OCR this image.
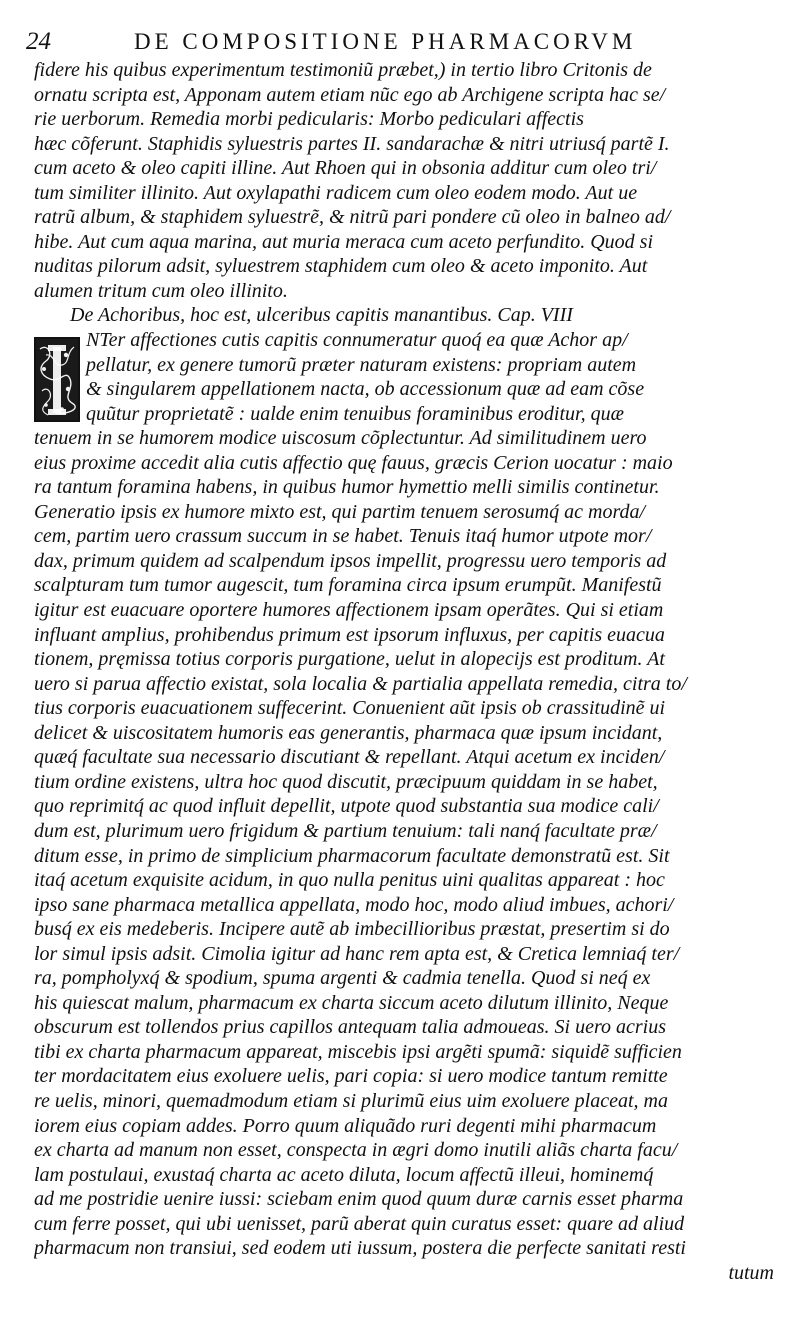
24	DE COMPOSITIONE PHARMACORVM
fidere his quibus experimentum testimoniũ præbet,) in tertio libro Critonis de
ornatu scripta est, Apponam autem etiam nũc ego ab Archigene scripta hac se/
rie uerborum. Remedia morbi pedicularis: Morbo pediculari affectis
hæc cõferunt. Staphidis syluestris partes II. sandarachæ & nitri utriusq́ partẽ I.
cum aceto & oleo capiti illine. Aut Rhoen qui in obsonia additur cum oleo tri/
tum similiter illinito. Aut oxylapathi radicem cum oleo eodem modo. Aut ue
ratrũ album, & staphidem syluestrẽ, & nitrũ pari pondere cũ oleo in balneo ad/
hibe. Aut cum aqua marina, aut muria meraca cum aceto perfundito. Quod si
nuditas pilorum adsit, syluestrem staphidem cum oleo & aceto imponito. Aut
alumen tritum cum oleo illinito.
De Achoribus, hoc est, ulceribus capitis manantibus. Cap. VIII
NTer affectiones cutis capitis connumeratur quoq́ ea quæ Achor ap/
pellatur, ex genere tumorũ præter naturam existens: propriam autem
& singularem appellationem nacta, ob accessionum quæ ad eam cõse
quũtur proprietatẽ : ualde enim tenuibus foraminibus eroditur, quæ
tenuem in se humorem modice uiscosum cõplectuntur. Ad similitudinem uero
eius proxime accedit alia cutis affectio quę fauus, græcis Cerion uocatur : maio
ra tantum foramina habens, in quibus humor hymettio melli similis continetur.
Generatio ipsis ex humore mixto est, qui partim tenuem serosumq́ ac morda/
cem, partim uero crassum succum in se habet. Tenuis itaq́ humor utpote mor/
dax, primum quidem ad scalpendum ipsos impellit, progressu uero temporis ad
scalpturam tum tumor augescit, tum foramina circa ipsum erumpũt. Manifestũ
igitur est euacuare oportere humores affectionem ipsam operãtes. Qui si etiam
influant amplius, prohibendus primum est ipsorum influxus, per capitis euacua
tionem, pręmissa totius corporis purgatione, uelut in alopecijs est proditum. At
uero si parua affectio existat, sola localia & partialia appellata remedia, citra to/
tius corporis euacuationem suffecerint. Conuenient aũt ipsis ob crassitudinẽ ui
delicet & uiscositatem humoris eas generantis, pharmaca quæ ipsum incidant,
quæq́ facultate sua necessario discutiant & repellant. Atqui acetum ex inciden/
tium ordine existens, ultra hoc quod discutit, præcipuum quiddam in se habet,
quo reprimitq́ ac quod influit depellit, utpote quod substantia sua modice cali/
dum est, plurimum uero frigidum & partium tenuium: tali nanq́ facultate præ/
ditum esse, in primo de simplicium pharmacorum facultate demonstratũ est. Sit
itaq́ acetum exquisite acidum, in quo nulla penitus uini qualitas appareat : hoc
ipso sane pharmaca metallica appellata, modo hoc, modo aliud imbues, achori/
busq́ ex eis medeberis. Incipere autẽ ab imbecillioribus præstat, presertim si do
lor simul ipsis adsit. Cimolia igitur ad hanc rem apta est, & Cretica lemniaq́ ter/
ra, pompholyxq́ & spodium, spuma argenti & cadmia tenella. Quod si neq́ ex
his quiescat malum, pharmacum ex charta siccum aceto dilutum illinito, Neque
obscurum est tollendos prius capillos antequam talia admoueas. Si uero acrius
tibi ex charta pharmacum appareat, miscebis ipsi argẽti spumã: siquidẽ sufficien
ter mordacitatem eius exoluere uelis, pari copia: si uero modice tantum remitte
re uelis, minori, quemadmodum etiam si plurimũ eius uim exoluere placeat, ma
iorem eius copiam addes. Porro quum aliquãdo ruri degenti mihi pharmacum
ex charta ad manum non esset, conspecta in ægri domo inutili aliãs charta facu/
lam postulaui, exustaq́ charta ac aceto diluta, locum affectũ illeui, hominemq́
ad me postridie uenire iussi: sciebam enim quod quum duræ carnis esset pharma
cum ferre posset, qui ubi uenisset, parũ aberat quin curatus esset: quare ad aliud
pharmacum non transiui, sed eodem uti iussum, postera die perfecte sanitati resti
tutum
